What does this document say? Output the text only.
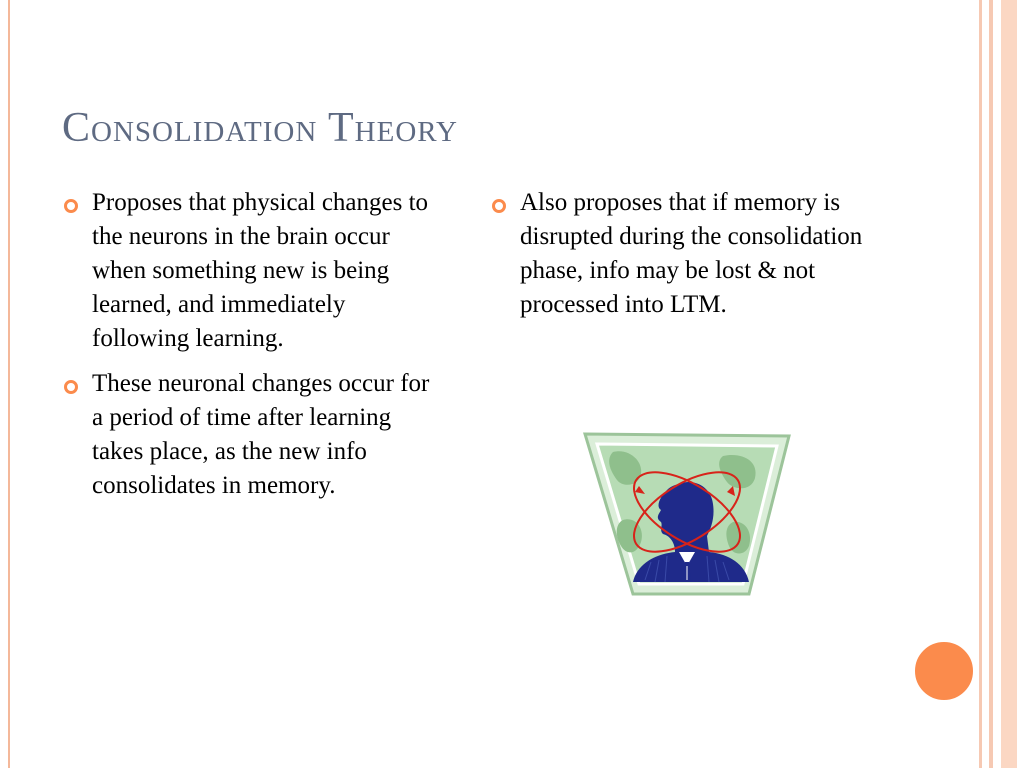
Consolidation Theory
Proposes that physical changes to the neurons in the brain occur when something new is being learned, and immediately following learning.
These neuronal changes occur for a period of time after learning takes place, as the new info consolidates in memory.
Also proposes that if memory is disrupted during the consolidation phase, info may be lost & not processed into LTM.
